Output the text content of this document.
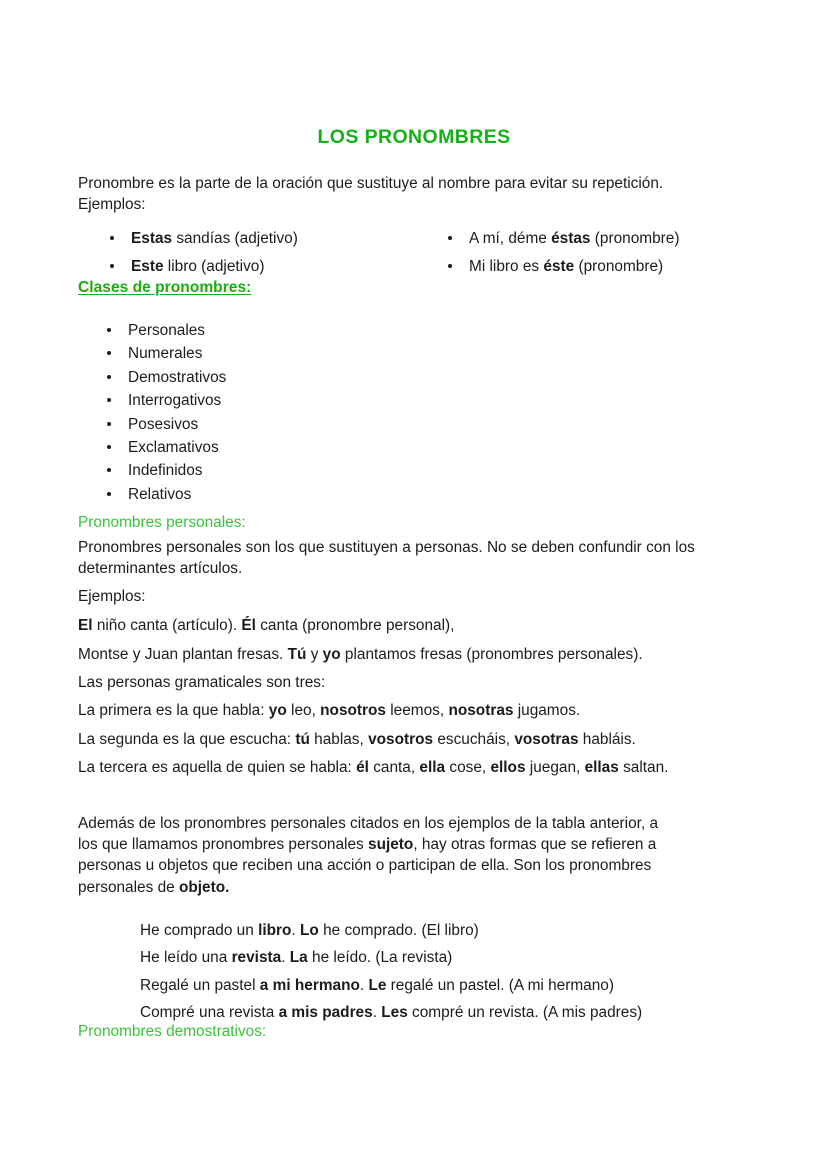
LOS PRONOMBRES
Pronombre es la parte de la oración que sustituye al nombre para evitar su repetición.
Ejemplos:
Estas sandías (adjetivo)
Este libro (adjetivo)
A mí, déme éstas (pronombre)
Mi libro es éste (pronombre)
Clases de pronombres:
Personales
Numerales
Demostrativos
Interrogativos
Posesivos
Exclamativos
Indefinidos
Relativos
Pronombres personales:
Pronombres personales son los que sustituyen a personas. No se deben confundir con los
determinantes artículos.
Ejemplos:
El niño canta (artículo). Él canta (pronombre personal),
Montse y Juan plantan fresas. Tú y yo plantamos fresas (pronombres personales).
Las personas gramaticales son tres:
La primera es la que habla: yo leo, nosotros leemos, nosotras jugamos.
La segunda es la que escucha: tú hablas, vosotros escucháis, vosotras habláis.
La tercera es aquella de quien se habla: él canta, ella cose, ellos juegan, ellas saltan.
Además de los pronombres personales citados en los ejemplos de la tabla anterior, a
los que llamamos pronombres personales sujeto, hay otras formas que se refieren a
personas u objetos que reciben una acción o participan de ella. Son los pronombres
personales de objeto.
He comprado un libro. Lo he comprado. (El libro)
He leído una revista. La he leído. (La revista)
Regalé un pastel a mi hermano. Le regalé un pastel. (A mi hermano)
Compré una revista a mis padres. Les compré un revista. (A mis padres)
Pronombres demostrativos:
